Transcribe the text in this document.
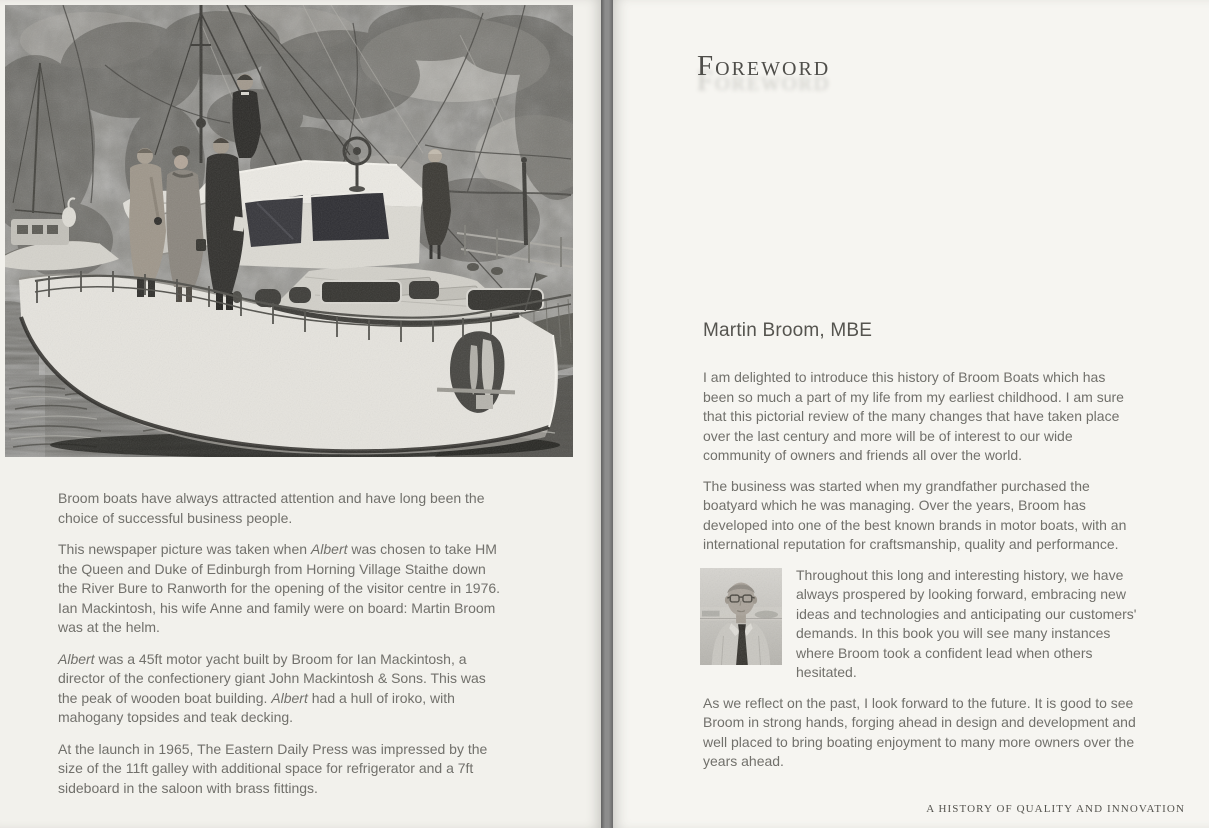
Broom boats have always attracted attention and have long been the choice of successful business people.

This newspaper picture was taken when Albert was chosen to take HM the Queen and Duke of Edinburgh from Horning Village Staithe down the River Bure to Ranworth for the opening of the visitor centre in 1976. Ian Mackintosh, his wife Anne and family were on board: Martin Broom was at the helm.

Albert was a 45ft motor yacht built by Broom for Ian Mackintosh, a director of the confectionery giant John Mackintosh & Sons. This was the peak of wooden boat building. Albert had a hull of iroko, with mahogany topsides and teak decking.

At the launch in 1965, The Eastern Daily Press was impressed by the size of the 11ft galley with additional space for refrigerator and a 7ft sideboard in the saloon with brass fittings.

Foreword
Martin Broom, MBE

I am delighted to introduce this history of Broom Boats which has been so much a part of my life from my earliest childhood. I am sure that this pictorial review of the many changes that have taken place over the last century and more will be of interest to our wide community of owners and friends all over the world.

The business was started when my grandfather purchased the boatyard which he was managing. Over the years, Broom has developed into one of the best known brands in motor boats, with an international reputation for craftsmanship, quality and performance.

Throughout this long and interesting history, we have always prospered by looking forward, embracing new ideas and technologies and anticipating our customers' demands. In this book you will see many instances where Broom took a confident lead when others hesitated.

As we reflect on the past, I look forward to the future. It is good to see Broom in strong hands, forging ahead in design and development and well placed to bring boating enjoyment to many more owners over the years ahead.

A HISTORY OF QUALITY AND INNOVATION
